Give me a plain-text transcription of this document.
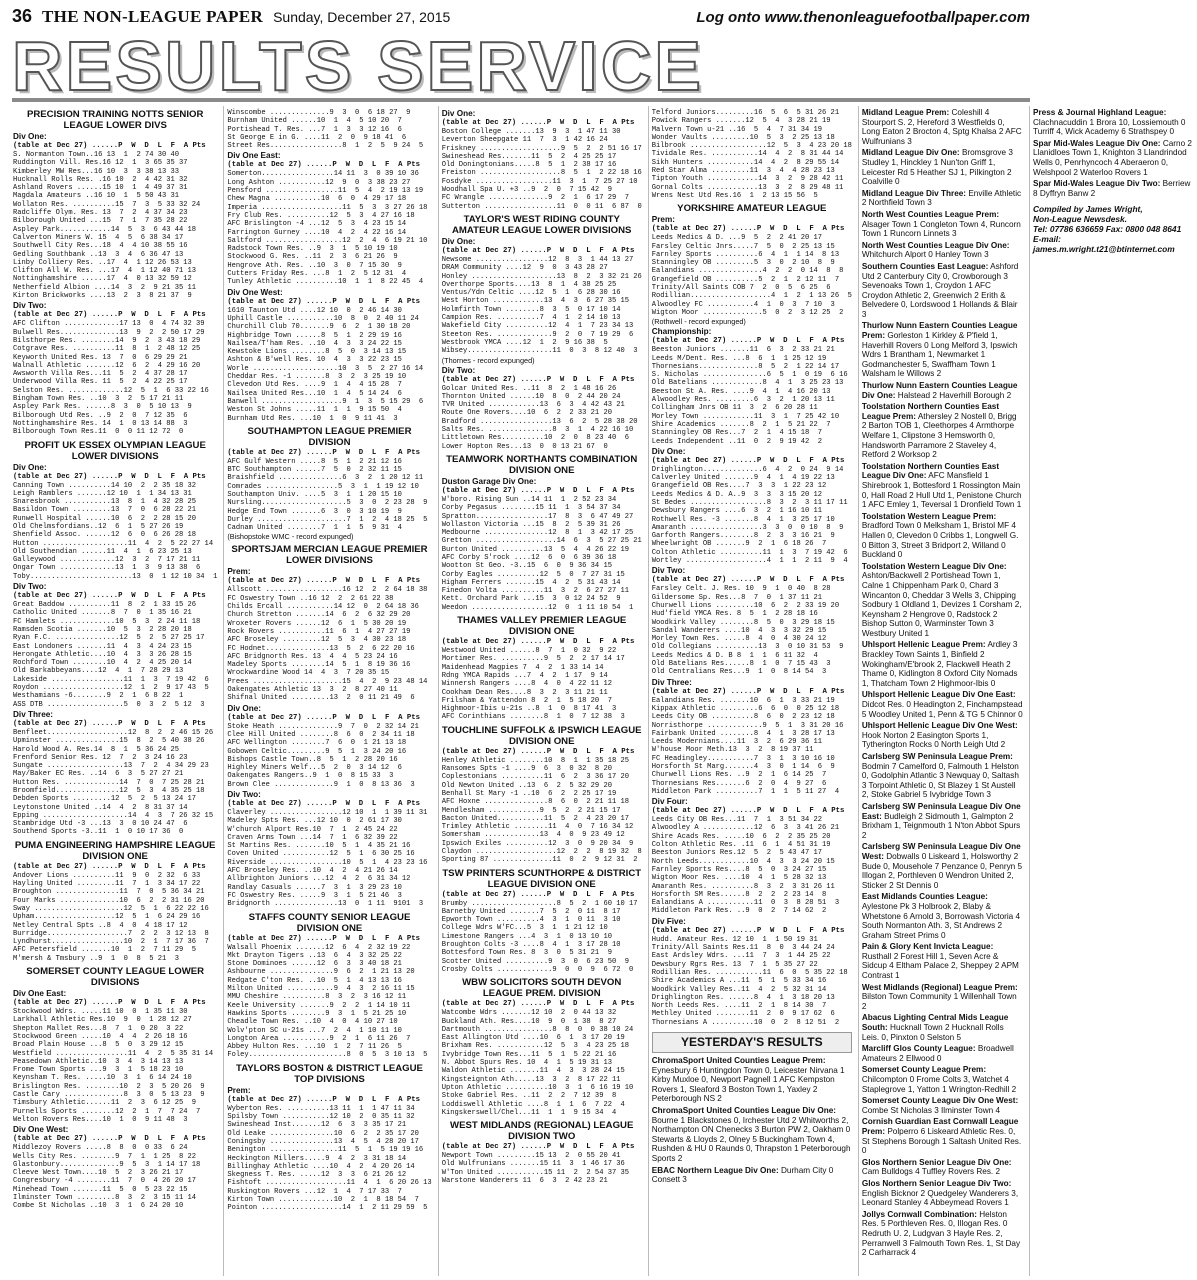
36 THE NON-LEAGUE PAPER Sunday, December 27, 2015	Log onto www.thenonleaguefootballpaper.com
RESULTS SERVICE
PRECISION TRAINING NOTTS SENIOR LEAGUE LOWER DIVS
Div One:
(table at Dec 27) ......P  W  D  L  F  A Pts
S. Normanton Town..16 13  1  2 74 30 40
Ruddington Vill. Res.16 12  1  3 65 35 37
Kimberley MW Res...16 10  3  3 38 13 33
Hucknall Rolls Res. .16 10  2  4 42 31 32
Ashland Rovers ......15 10  1  4 49 37 31
Magdala Amateurs ..16 10  1  5 50 43 31
Wollaton Res. ..........15  7  3  5 33 32 24
Radcliffe Olym. Res. 13  7  2  4 37 34 23
Bilborough United ...15  7  1  7 35 28 22
Aspley Park............14  5  3  6 43 44 18
Calverton Miners W. 15  4  5  6 38 34 17
Southwell City Res...18  4  4 10 38 55 16
Gedling Southbank ..13  3  4  6 36 47 13
Linby Colliery Res. ..17  4  1 12 26 53 13
Clifton All W. Res. ...17  4  1 12 40 71 13
Nottinghamshire ......17  4  0 13 32 59 12
Netherfield Albion ....14  3  2  9 21 35 11
Kirton Brickworks ....13  2  3  8 21 37  9
Div Two:
(table at Dec 27) ......P  W  D  L  F  A Pts
AFC Clifton .............17 13  0  4 74 32 39
Bulwell Res..............13  9  2  2 50 17 29
Bilsthorpe Res. ........14  9  2  3 43 18 29
Cotgrave Res. ..........11  8  1  2 48 12 25
Keyworth United Res. 13  7  0  6 29 29 21
Walnall Athletic .......12  6  2  4 29 16 20
Awsworth Villa Res...11  5  2  4 37 28 17
Underwood Villa Res. 11  5  2  4 22 25 17
Selston Res. .............12  5  1  6 33 22 16
Bingham Town Res. ..10  3  2  5 17 21 11
Aspley Park Res. ......8  3  0  5 10 13  9
Bilborough Utd Res. ..9  2  0  7 12 35  6
Nottinghamshire Res. 14  1  0 13 14 88  3
Bilborough Town Res.11  0  0 11 12 72  0
PROFIT UK ESSEX OLYMPIAN LEAGUE LOWER DIVISIONS
Div One:
(table at Dec 27) ......P  W  D  L  F  A Pts
Canning Town ..........14 10  2  2 35 18 32
Leigh Ramblers .......12 10  1  1 34 13 31
Snaresbrook ...........13  8  1  4 32 28 25
Basildon Town .........13  7  0  6 28 22 21
Runwell Hospital ......10  6  2  2 28 15 20
Old Chelmsfordians..12  6  1  5 27 26 19
Shenfield Assoc. ......12  6  0  6 26 28 18
Hutton ....................11  4  2  5 22 27 14
Old Southendian ......11  4  1  6 23 25 13
Galleywood .............12  3  2  7 17 21 11
Ongar Town .............13  1  3  9 13 38  6
Toby........................13  0  1 12 10 34  1
Div Two:
(table at Dec 27) ......P  W  D  L  F  A Pts
Great Baddow ..........11  8  2  1 33 15 26
Catholic United .......8  7  0  1 35 16 21
FC Hamlets .............10  5  3  2 24 11 18
Ramsden Scotia .......10  5  3  2 28 20 18
Ryan F.C. ...............12  5  2  5 27 25 17
East Londoners .......11  4  3  4 24 23 15
Herongate Athletic....10  4  3  3 26 28 15
Rochford Town ........10  4  2  4 25 20 14
Old Barkabbeyans....12  4  1  7 28 29 13
Lakeside .................11  1  3  7 19 42  6
Roydon ...................12  1  2  9 17 43  5
Westhamians -6........9  2  1  6 8 22  1
ASS DTB ..................5  0  3  2  5 12  3
Div Three:
(table at Dec 27) ......P  W  D  L  F  A Pts
Benfleet...................12  8  2  2 46 15 26
Upminster ...............15  8  2  5 40 38 26
Harold Wood A. Res.14  8  1  5 36 24 25
Frenford Senior Res. 12  7  2  3 24 16 23
Sungate ..................13  7  2  4 34 29 23
May/Baker EC Res. ..14  6  3  5 27 27 21
Hutton Res. .............14  7  0  7 25 28 21
Broomfield...............12  5  3  4 35 25 18
Debden Sports .........12  5  2  5 13 24 17
Leytonstone United ..14  4  2  8 31 37 14
Epping ....................14  4  3  7 26 32 15
Stambridge Utd -3 ...13  3  0 10 24 47  6
Southend Sports -3..11  1  0 10 17 36  0
PUMA ENGINEERING HAMPSHIRE LEAGUE DIVISION ONE
(table at Dec 27) ......P  W  D  L  F  A Pts
Andover Lions ..........11  9  0  2 32  6 33
Hayling United .........11  7  1  3 34 17 22
Broughton ...............11  7  0  5 36 34 21
Four Marks ..............10  6  2  2 31 16 20
Sway .....................12  5  1  6 22 22 16
Upham...................12  5  1  6 24 29 16
Netley Central Spts ..8  4  0  4 18 17 12
Burridge...................7  2  2  3 12 13  8
Lyndhurst.................10  2  1  7 17 36  7
AFC Petersfield .......10  1  2  7 11 29  5
M'mersh & Tmsbury ..9  1  0  8  5 21  3
SOMERSET COUNTY LEAGUE LOWER DIVISIONS
Div One East:
(table at Dec 27) ......P  W  D  L  F  A Pts
Stockwood Wdrs. .....11 10  0  1 35 11 30
Larkhall Athletic Res.10  9  0  1 28 12 27
Shepton Mallet Res...8  7  1  0 20  3 22
Stockwood Green .....10  4  4  2 26 18 16
Broad Plain House ...8  5  0  3 29 12 15
Westfield .................11  4  2  5 35 31 14
Peasedown Athletic..10  3  4  3 14 13 13
Frome Town Sports ...9  3  1  5 18 23 10
Keynsham T. Res. .....10  3  1  6 14 24 10
Brislington Res. ........10  2  3  5 20 26  9
Castle Cary ..............8  3  0  5 13 23  9
Timsbury Athletic......11  2  3  6 12 25  9
Purnells Sports ........12  2  1  7  7 24  7
Welton Rovers Res....10  1  0  9 11 48  3
Div One West:
(table at Dec 27) ......P  W  D  L  F  A Pts
Middlezoy Rovers .....8  8  0  0 33  6 24
Wells City Res. ........9  7  1  1 25  8 22
Glastonbury..............9  5  3  1 14 17 18
Cleeve West Town....10  5  2  3 26 21 17
Congresbury -4 ........11  7  0  4 26 20 17
Minehead Town .......11  5  0  5 23 22 15
Ilminster Town .........8  3  2  3 15 11 14
Combe St Nicholas ..10  3  1  6 24 20 10
Winscombe ..............9  3  0  6 18 27  9
Burnham United ......10  1  4  5 10 20  7
Portishead T. Res. ...7  1  3  3 12 16  6
St George E in G. ....11  2  0  9 18 41  6
Street Res.................8  1  2  5  9 24  5
Div One East:
(table at Dec 27) ......P  W  D  L  F  A Pts
Somerton.................14 11  3  0 39 10 36
Long Ashton ...........12  9  0  3 38 23 27
Pensford .................11  5  4  2 19 13 19
Chew Magna ...........10  6  0  4 29 17 18
Imperia ...................11  5  3  3 27 26 18
Fry Club Res. ..........12  5  3  4 27 16 18
AFC Brislington -4 ...12  5  3  4 23 15 14
Farrington Gurney ....10  4  2  4 22 16 14
Saltford ..................12  2  4  6 19 21 10
Radstock Town Res. ..9  3  1  5 10 19 10
Stockwood G. Res. ..11  2  3  6 21 26  9
Hengrove Ath. Res. ..10  3  0  7 15 30  9
Cutters Friday Res. ...8  1  2  5 12 31  4
Tunley Athletic ..........10  1  1  8 22 45  4
Div One West:
(table at Dec 27) ......P  W  D  L  F  A Pts
1610 Taunton Utd ....12 10  0  2 46 14 30
Uphill Castle ...........10  8  0  2 40 11 24
Churchill Club 70.......9  6  2  1 30 18 20
Highbridge Town ......8  5  1  2 29 19 16
Nailsea/T'ham Res. ..10  4  3  3 24 22 15
Kewstoke Lions ........8  5  0  3 14 13 15
Ashton & B'well Res. 10  4  3  3 22 23 15
Worle ....................10  3  5  2 27 16 14
Cheddar Res. -1 .......8  3  2  3 25 19 10
Clevedon Utd Res. ....9  1  4  4 15 28  7
Nailsea United Res...10  1  4  5 14 24  6
Banwell ...................9  1  3  5 15 29  6
Weston St Johns .....11  1  1  9 15 50  4
Burnham Utd Res. ...10  1  0  9 11 41  3
SOUTHAMPTON LEAGUE PREMIER DIVISION
(table at Dec 27) ......P  W  D  L  F  A Pts
AFC Gulf Western .....8  5  1  2 21 12 16
BTC Southampton ......7  5  0  2 32 11 15
Braishfield ...............6  3  2  1 20 12 11
Comrades .................5  3  1  1 19 12 10
Southampton Univ. ....5  3  1  1 20 15 10
Nursling....................5  3  0  2 23 28  9
Hedge End Town .......6  3  0  3 10 19  9
Durley .....................7  1  2  4 18 25  5
Cadnam United ........7  1  1  5  9 31  4
(Bishopstoke WMC - record expunged)
SPORTSJAM MERCIAN LEAGUE PREMIER LOWER DIVISIONS
Prem:
(table at Dec 27) ......P  W  D  L  F  A Pts
Allscott ..................16 12  2  2 64 18 38
FC Oswestry Town ..16 12  2  2 61 22 38
Childs Ercall ...........14 12  0  2 64 18 36
Church Stretton .......14  6  2  6 32 29 20
Wroxeter Rovers ......12  6  1  5 30 20 19
Rock Rovers ...........11  6  1  4 27 27 19
AFC Broseley .........12  5  3  4 30 23 18
FC Hodnet...............13  5  2  6 22 20 16
AFC Bridgnorth Res. 13  4  4  5 23 24 16
Madeley Sports ........14  5  1  8 19 36 16
Wrockwardine Wood 14  4  3  7 20 35 15
Prees .....................15  4  2  9 23 48 14
Oakengates Athletic 13  3  2  8 27 40 11
Shifnal United .........13  2  0 11 21 49  6
Div One:
(table at Dec 27) ......P  W  D  L  F  A Pts
Stoke Heath ..............9  7  0  2 32 14 21
Clee Hill United ........8  6  0  2 34 11 18
AFC Wellington ........7  6  0  1 21 13 18
Gobowen Celtic.........9  5  1  3 24 20 16
Bishops Castle Town..8  5  1  2 28 20 16
Highley Miners Welf...5  2  0  3 14 12  6
Oakengates Rangers..9  1  0  8 15 33  3
Brown Clee ..............9  1  0  8 13 36  3
Div Two:
(table at Dec 27) ......P  W  D  L  F  A Pts
Claverley .................12 10  1  1 39 11 31
Madeley Spts Res. ...12 10  0  2 61 17 30
W'church Alport Res.10  7  1  2 45 24 22
Craven Arms Town ...14  7  1  6 32 39 22
St Martins Res. .......10  5  1  4 35 21 16
Coven United ...........12  5  1  6 30 25 16
Riverside .................10  5  1  4 23 23 16
AFC Broseley Res. ..10  4  2  4 21 26 14
Allbrighton Juniors ...12  4  2  6 31 34 12
Randlay Casuals ......7  3  1  3 29 23 10
FC Oswestry Res. .....9  3  1  5 21 46  3
Bridgnorth ...............13  0  1 11  9101  3
STAFFS COUNTY SENIOR LEAGUE DIVISION ONE
(table at Dec 27) ......P  W  D  L  F  A Pts
Walsall Phoenix .......12  6  4  2 32 19 22
Mkt Drayton Tigers ..13  6  4  3 32 25 22
Stone Dominoes ......12  6  3  3 40 18 21
Ashbourne ...............9  6  2  1 21 13 20
Redgate C'ton Res. ..10  5  1  4 13 13 16
Milton United ...........9  4  3  2 16 11 15
MMU Cheshire ..........8  3  2  3 16 12 11
Keele University .......9  2  2  1 14 10 11
Hawkins Sports ........9  3  1  5 21 25 10
Cheadle Town Res. ..10  4  0  4 10 27 10
Wolv'pton SC u-21s ...7  2  4  1 10 11 10
Longton Area ...........9  2  1  6 11 26  7
Abbey Hulton Res. ...10  1  2  7 11 26  5
Foley.......................8  0  5  3 10 13  5
TAYLORS BOSTON & DISTRICT LEAGUE TOP DIVISIONS
Prem:
(table at Dec 27) ......P  W  D  L  F  A Pts
Wyberton Res. ..........13 11  1  1 47 11 34
Spilsby Town ...........12 10  2  0 35 11 32
Swineshead Inst.......12  6  3  3 35 17 21
Old Leake ...............10  6  2  2 35 17 20
Coningsby ...............13  4  5  4 28 20 17
Benington ................11  5  1  5 19 19 16
Heckington Millers.....9  4  2  3 31 18 14
Billinghay Athletic ....10  4  2  4 20 26 14
Skegness T. Res. .....12  3  3  6 21 26 12
Fishtoft ...................11  4  1  6 20 26 13
Ruskington Rovers ...12  1  4  7 17 33  7
Kirton Town .............10  2  1  8 18 54  7
Pointon ...................14  1  2 11 29 59  5
Div One:
(table at Dec 27) ......P  W  D  L  F  A Pts
Boston College .......13  9  3  1 47 11 30
Leverton Sheepgate 11  7  3  1 42 16 24
Friskney ...................9  5  2  2 51 16 17
Swineshead Res.......11  5  2  4 25 25 17
Old Doningtonians.....8  5  1  2 38 17 16
Freiston ...................8  5  1  2 22 18 16
Fosdyke ..................11  3  1  7 25 27 10
Woodhall Spa U. +3 ..9  2  0  7 15 42  9
FC Wrangle ..............9  2  1  6 17 29  7
Sutterton .................11  0  0 11  6 87  0
TAYLOR'S WEST RIDING COUNTY AMATEUR LEAGUE LOWER DIVISIONS
Div One:
(table at Dec 27) ......P  W  D  L  F  A Pts
Newsome .................12  8  3  1 44 13 27
DRAM Community ....12  9  0  3 43 28 27
Honley ....................13  8  2  3 32 21 26
Overthorpe Sports....13  8  1  4 38 25 25
Ventus/Ydn Celtic ....12  5  1  6 28 30 16
West Horton ............13  4  3  6 27 35 15
Holmfirth Town ........8  3  5  0 17 10 14
Campion Res. ..........7  4  1  2 14 10 13
Wakefield City ..........12  4  1  7 23 34 13
Steeton Res. .............9  2  0  7 19 29  6
Westbrook YMCA ....12  1  2  9 16 38  5
Wibsey....................11  0  3  8 12 40  3
(Thornes - record expunged)
Div Two:
(table at Dec 27) ......P  W  D  L  F  A Pts
Golcar United Res. ..11  8  2  1 48 16 26
Thornton United ......10  8  0  2 44 20 24
TVR United ............13  6  3  4 42 43 21
Route One Rovers....10  6  2  2 33 21 20
Bradford .................13  6  2  5 28 38 20
Salts Res. ...............8  3  1  4 22 16 10
Littletown Res..........10  2  0  8 23 40  6
Lower Hopton Res...13  0  0 13 21 67  0
TEAMWORK NORTHANTS COMBINATION DIVISION ONE
Duston Garage Div One:
(table at Dec 27) ......P  W  D  L  F  A Pts
W'boro. Rising Sun ..14 11  1  2 52 23 34
Corby Pegasus ........15 11  1  3 54 37 34
Spratton.................17  8  3  6 47 49 27
Wollaston Victoria ...15  8  2  5 39 31 26
Medbourne ...............12  8  1  3 42 17 25
Gretton ...................14  6  3  5 27 25 21
Burton United ..........13  5  4  4 26 22 19
AFC Corby S'rock ....12  6  0  6 39 36 18
Wootton St Geo. -3..15  6  0  9 36 34 15
Corby Eagles ..........12  5  0  7 27 31 15
Higham Ferrers .......15  4  2  5 31 43 14
Finedon Volta ..........11  3  2  6 27 27 11
Kett. Orchard Park ...15  3  0 12 24 52  9
Weedon ..................12  0  1 11 10 54  1
THAMES VALLEY PREMIER LEAGUE DIVISION ONE
(table at Dec 27) ......P  W  D  L  F  A Pts
Westwood United ......8  7  1  0 32  9 22
Mortimer Res. ..........9  5  2  2 17 14 17
Maidenhead Magpies 7  4  2  1 33 14 14
Rdng YMCA Rapids ...7  4  2  1 17  9 14
Winnersh Rangers ....8  4  0  4 22 11 12
Cookham Dean Res....8  3  2  3 11 21 11
Frilsham & Yattendon 8  2  1  5 18 20  7
Highmoor-Ibis u-21s ..8  1  0  8 17 41  3
AFC Corinthians ........8  1  0  7 12 38  3
TOUCHLINE SUFFOLK & IPSWICH LEAGUE DIVISION ONE
(table at Dec 27) ......P  W  D  L  F  A Pts
Henley Athletic ........10  8  1  1 35 18 25
Ransomes Spts -1 ....9  6  3  0 32  8 20
Coplestonians ..........11  6  2  3 36 17 20
Old Newton United ..13  6  2  5 32 29 20
Benhall St Mary -1 ..10  6  2  2 25 17 19
AFC Hoxne ...............8  6  0  2 21 11 18
Mendlesham ............9  5  2  2 21 15 17
Bacton United...........11  5  2  4 23 20 17
Trimley Athletic ........11  4  0  7 16 34 12
Somersham .............13  4  0  9 23 49 12
Ipswich Exiles ..........12  3  0  9 20 34  9
Claydon ...................12  2  2  8 19 32  8
Sporting 87 ..............11  0  2  9 12 31  2
TSW PRINTERS SCUNTHORPE & DISTRICT LEAGUE DIVISION ONE
(table at Dec 27) ......P  W  D  L  F  A Pts
Brumby ....................8  5  2  1 60 10 17
Barnetby United .......7  5  2  0 11  8 17
Epworth Town ..........4  3  1  0 11  3 10
College Wdrs W'FC...5  3  1  1 21 12 10
Limestone Rangers ...4  3  1  0 13 10 10
Broughton Colts -3 ....8  4  1  3 17 28 10
Bottesford Town Res. 8  3  0  5 31 21  9
Scotter United ..........9  3  0  6 23 50  9
Crosby Colts .............9  0  0  9  6 72  0
WBW SOLICITORS SOUTH DEVON LEAGUE PREM. DIVISION
(table at Dec 27) ......P  W  D  L  F  A Pts
Watcombe Wdrs .......12 10  2  0 44 13 32
Buckland Ath. Res....10  9  0  1 38  8 27
Dartmouth ................8  8  0  0 38 10 24
East Allington Utd ....10  6  1  3 17 20 19
Brixham Res. ...........12  5  3  4 23 25 18
Ivybridge Town Res...11  5  1  5 22 21 16
N. Abbot Spurs Res. 10  4  1  5 19 31 13
Waldon Athletic .......11  4  3  3 28 24 15
Kingsteignton Ath.....13  3  2  8 17 22 11
Upton Athletic ..........10  3  1  6 16 19 10
Stoke Gabriel Res. ..11  2  2  7 12 39  8
Loddiswell Athletic ....8  1  1  6  7 22  4
Kingskerswell/Chel...11  1  1  9 15 34  4
WEST MIDLANDS (REGIONAL) LEAGUE DIVISION TWO
(table at Dec 27) ......P  W  D  L  F  A Pts
Newport Town .........15 13  2  0 55 20 41
Old Wulfrunians .......15 11  3  1 46 17 36
W'Ton United ...........15 11  2  2 54 37 35
Warstone Wanderers 11  6  3  2 42 23 21
Telford Juniors.........16  5  6  5 31 26 21
Powick Rangers .......12  5  4  3 28 21 19
Malvern Town u-21 ..16  5  4  7 31 34 19
Wonder Vaults .........10  5  3  2 25 13 18
Bilbrook ..................12  5  3  4 23 20 18
Tividale Res. ...........14  4  2  8 31 44 14
Sikh Hunters ...........14  4  2  8 29 55 14
Red Star Alma .........11  3  4  4 28 23 13
Tipton Youth ............14  3  2  9 28 42 11
Gornal Colts ............13  3  2  8 29 48 11
Wrens Nest Utd Res.16  1  2 13 15 56  5
YORKSHIRE AMATEUR LEAGUE
Prem:
(table at Dec 27) ......P  W  D  L  F  A Pts
Leeds Medics & D. ...9  5  2  2 41 20 17
Farsley Celtic Jnrs.....7  5  0  2 25 13 15
Farnley Sports ..........6  4  1  1 14  8 13
Stanningley OB .........5  3  0  2 10  8  9
Ealandians ...............4  2  2  0 14  8  8
Grangefield OB ..........5  2  1  2 12 11  7
Trinity/All Saints COB 7  2  0  5  6 25  6
Rodillian...................4  1  2  1 13 26  5
Alwoodley FC ...........4  1  0  3  7 10  3
Wigton Moor ..............5  0  2  3 12 25  2
(Rothwell - record expunged)
Championship:
(table at Dec 27) ......P  W  D  L  F  A Pts
Beeston Juniors .......11  6  3  2 33 21 21
Leeds M/Dent. Res. ...8  6  1  1 25 12 19
Thornesians..............8  5  2  1 22 14 17
S. Nicholas ...............6  5  1  0 19  6 16
Old Batelians ............8  4  1  3 25 23 13
Beeston St A. Res. ....9  4  1  4 16 20 13
Alwoodley Res. .........6  3  2  1 20 13 11
Collingham Jnrs OB 11  3  2  6 20 28 11
Morley Town ............11  3  1  7 25 42 10
Shire Academics .......8  2  1  5 21 22  7
Stanningley OB Res...7  2  1  4 15 18  7
Leeds Independent ..11  0  2  9 19 42  2
Div One:
(table at Dec 27) ......P  W  D  L  F  A Pts
Drighlington..............6  4  2  0 24  9 14
Calverley United .......9  4  1  4 19 22 13
Grangefield OB Res....7  3  3  1 22 23 12
Leeds Medics & D. A..9  3  3  3 15 20 12
St Bedes ..................8  3  2  3 11 17 11
Dewsbury Rangers ....6  3  2  1 16 10 11
Rothwell Res. -3 .......8  4  1  3 25 17 10
Amaranth .................3  3  0  0 10  8  9
Garforth Rangers........8  2  3  3 16 21  9
Wheelwright OB .......9  2  1  6 18 26  7
Colton Athletic ..........11  1  3  7 19 42  6
Wortley ...................4  1  1  2 11  9  4
Div Two:
(table at Dec 27) ......P  W  D  L  F  A Pts
Farsley Celt. J. Res. 10  9  1  0 40  8 28
Gildersome Sp. Res...8  7  0  1 37 11 21
Churwell Lions .........10  6  2  2 33 19 20
Hud'field YMCA Res. 8  5  1  2 28 18 16
Woodkirk Valley ........8  5  0  3 29 18 15
Sandal Wanderers ....10  4  3  3 32 29 15
Morley Town Res. .....8  4  0  4 30 24 12
Old Collegians ..........13  3  0 10 31 53  9
Leeds Medics & D. B 8  1  1  6 11 32  4
Old Batelians Res......8  1  0  7 15 43  3
Old Centralians Res...9  1  0  8 14 54  3
Div Three:
(table at Dec 27) ......P  W  D  L  F  A Pts
Ealandians Res. .......10  6  1  3 33 21 19
Kippax Athletic .........6  6  0  0 25 12 18
Leeds City OB ..........8  6  0  2 23 12 18
Norristhorpe .............9  5  1  3 31 20 16
Fairbank United ........8  4  1  3 28 17 13
Leeds Modernians....11  3  2  6 29 36 11
W'house Moor Meth.13  3  2  8 19 37 11
FC Headingley...........7  3  1  3 10 16 10
Horsforth St Marg.......4  3  0  1 14  6  9
Churwell Lions Res. ..9  2  1  6 14 25  7
Thornesians Res.......6  2  0  4  9 27  6
Middleton Park ..........7  1  1  5 11 27  4
Div Four:
(table at Dec 27) ......P  W  D  L  F  A Pts
Leeds City OB Res...11  7  1  3 51 34 22
Alwoodley A ............12  6  3  3 41 26 21
Shire Acads Res. .....10  6  2  2 35 25 20
Colton Athletic Res. .11  6  1  4 51 31 19
Beeston Juniors Res.12  5  2  5 43 47 17
North Leeds............10  4  3  3 24 20 15
Farnley Sports Res....8  5  0  3 24 27 15
Wigton Moor Res. ....10  4  1  5 28 32 13
Amaranth Res. ..........8  3  2  3 31 26 11
Horsforth SM Res......8  2  2  2 23 14  8
Ealandians A ...........11  0  3  8 28 51  3
Middleton Park Res. ..9  0  2  7 14 62  2
Div Five:
(table at Dec 27) ......P  W  D  L  F  A Pts
Hudd. Amateur Res. 12 10  1  1 50 19 31
Trinity/All Saints Res.11  8  0  3 44 24 24
East Ardsley Wdrs. ...11  7  3  1 44 25 22
Dewsbury Rgrs Res. 13  7  1  5 35 27 22
Rodillian Res. ...........11  6  0  5 35 22 18
Shire Academics A ...11  5  1  5 33 34 16
Woodkirk Valley Res..11  4  2  5 32 31 14
Drighlington Res. ......8  4  1  3 18 20 13
North Leeds Res. ....11  2  1  8 14 30  7
Methley United ........11  2  0  9 17 62  6
Thornesians A ..........10  0  2  8 12 51  2
YESTERDAY'S RESULTS
ChromaSport United Counties League Prem: Eynesbury 6 Huntingdon Town 0, Leicester Nirvana 1 Kirby Muxloe 0, Newport Pagnell 1 AFC Kempston Rovers 1, Sleaford 3 Boston Town 1, Yaxley 2 Peterborough NS 2
ChromaSport United Counties League Div One: Bourne 1 Blackstones 0, Irchester Utd 2 Whitworths 2, Northampton ON Chenecks 3 Burton PW 2, Oakham 0 Stewarts & Lloyds 2, Olney 5 Buckingham Town 4, Rushden & HU 0 Raunds 0, Thrapston 1 Peterborough Sports 2
EBAC Northern League Div One: Durham City 0 Consett 3
Midland League Prem: Coleshill 4 Stourport S. 2, Hereford 3 Westfields 0, Long Eaton 2 Brocton 4, Sptg Khalsa 2 AFC Wulfrunians 3
Midland League Div One: Bromsgrove 3 Studley 1, Hinckley 1 Nun'ton Griff 1, Leicester Rd 5 Heather SJ 1, Pilkington 2 Coalville 0
Midland League Div Three: Enville Athletic 2 Northfield Town 3
North West Counties League Prem: Alsager Town 1 Congleton Town 4, Runcorn Town 1 Runcorn Linnets 3
North West Counties League Div One: Whitchurch Alport 0 Hanley Town 3
Southern Counties East League: Ashford Utd 2 Canterbury City 0, Crowborough 3 Sevenoaks Town 1, Croydon 1 AFC Croydon Athletic 2, Greenwich 2 Erith & Belvedere 0, Lordswood 1 Hollands & Blair 3
Thurlow Nunn Eastern Counties League Prem: Gorleston 1 Kirkley & P'field 1, Haverhill Rovers 0 Long Melford 3, Ipswich Wdrs 1 Brantham 1, Newmarket 1 Godmanchester 5, Swaffham Town 1 Walsham le Willows 2
Thurlow Nunn Eastern Counties League Div One: Halstead 2 Haverhill Borough 2
Toolstation Northern Counties East League Prem: Athersley 2 Nostell 0, Brigg 2 Barton TOB 1, Cleethorpes 4 Armthorpe Welfare 1, Clipstone 3 Hemsworth 0, Handsworth Parramore 2 Staveley 4, Retford 2 Worksop 2
Toolstation Northern Counties East League Div One: AFC Mansfield 1 Shirebrook 1, Bottesford 1 Rossington Main 0, Hall Road 2 Hull Utd 1, Penistone Church 1 AFC Emley 1, Teversal 1 Dronfield Town 1
Toolstation Western League Prem: Bradford Town 0 Melksham 1, Bristol MF 4 Hallen 0, Clevedon 0 Cribbs 1, Longwell G. 0 Bitton 3, Street 3 Bridport 2, Willand 0 Buckland 0
Toolstation Western League Div One: Ashton/Backwell 2 Portishead Town 1, Calne 1 Chippenham Park 0, Chard 3 Wincanton 0, Cheddar 3 Wells 3, Chipping Sodbury 1 Oldland 1, Devizes 1 Corsham 2, Keynsham 2 Hengrove 0, Radstock 2 Bishop Sutton 0, Warminster Town 3 Westbury United 1
Uhlsport Hellenic League Prem: Ardley 3 Brackley Town Saints 1, Binfield 2 Wokingham/E'brook 2, Flackwell Heath 2 Thame 0, Kidlington 8 Oxford City Nomads 1, Thatcham Town 2 Highmoor-Ibis 0
Uhlsport Hellenic League Div One East: Didcot Res. 0 Headington 2, Finchampstead 5 Woodley United 1, Penn & TG 5 Chinnor 0
Uhlsport Hellenic League Div One West: Hook Norton 2 Easington Sports 1, Tytherington Rocks 0 North Leigh Utd 2
Carlsberg SW Peninsula League Prem: Bodmin 7 Camelford 0, Falmouth 1 Helston 0, Godolphin Atlantic 3 Newquay 0, Saltash 3 Torpoint Athletic 0, St Blazey 1 St Austell 2, Stoke Gabriel 5 Ivybridge Town 3
Carlsberg SW Peninsula League Div One East: Budleigh 2 Sidmouth 1, Galmpton 2 Brixham 1, Teignmouth 1 N'ton Abbot Spurs 2
Carlsberg SW Peninsula League Div One West: Dobwalls 0 Liskeard 1, Holsworthy 2 Bude 0, Mousehole 7 Penzance 0, Penryn 5 Illogan 2, Porthleven 0 Wendron United 2, Sticker 2 St Dennis 0
East Midlands Counties League: Aylestone Pk 3 Holbrook 2, Blaby & Whetstone 6 Arnold 3, Borrowash Victoria 4 South Normanton Ath. 3, St Andrews 2 Graham Street Prims 0
Pain & Glory Kent Invicta League: Rusthall 2 Forest Hill 1, Seven Acre & Sidcup 4 Eltham Palace 2, Sheppey 2 APM Contrast 1
West Midlands (Regional) League Prem: Bilston Town Community 1 Willenhall Town 2
Abacus Lighting Central Mids League South: Hucknall Town 2 Hucknall Rolls Leis. 0, Pinxton 0 Selston 5
Marcliff Glos County League: Broadwell Amateurs 2 Ellwood 0
Somerset County League Prem: Chilcompton 0 Frome Colts 3, Watchet 4 Staplegrove 1, Yatton 1 Wrington-Redhill 2
Somerset County League Div One West: Combe St Nicholas 3 Ilminster Town 4
Cornish Guardian East Cornwall League Prem: Polperro 6 Liskeard Athletic Res. 0, St Stephens Borough 1 Saltash United Res. 0
Glos Northern Senior League Div One: Cam Bulldogs 4 Tuffley Rovers Res. 2
Glos Northern Senior League Div Two: English Bicknor 2 Quedgeley Wanderers 3, Leonard Stanley 4 Abbeymead Rovers 1
Jollys Cornwall Combination: Helston Res. 5 Porthleven Res. 0, Illogan Res. 0 Redruth U. 2, Ludgvan 3 Hayle Res. 2, Perranwell 3 Falmouth Town Res. 1, St Day 2 Carharrack 4
Press & Journal Highland League: Clachnacuddin 1 Brora 10, Lossiemouth 0 Turriff 4, Wick Academy 6 Strathspey 0
Spar Mid-Wales League Div One: Carno 2 Llanidloes Town 1, Knighton 3 Llandrindod Wells 0, Penrhyncoch 4 Aberaeron 0, Welshpool 2 Waterloo Rovers 1
Spar Mid-Wales League Div Two: Berriew 8 Dyffryn Banw 2
Compiled by James Wright,
Non-League Newsdesk.
Tel: 07786 636659 Fax: 0800 048 8641
E-mail: james.m.wright.t21@btinternet.com
